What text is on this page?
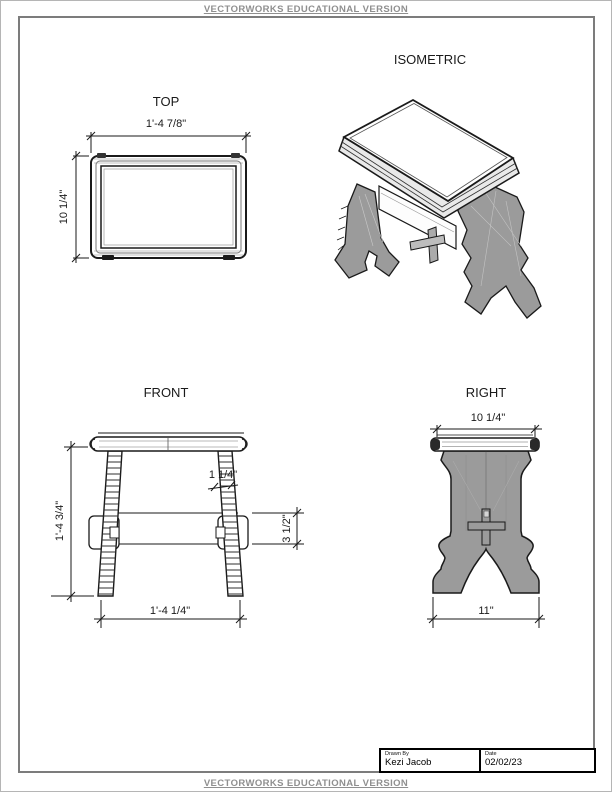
VECTORWORKS EDUCATIONAL VERSION
TOP
1'-4 7/8"
10 1/4"
ISOMETRIC
FRONT
1 1/4"
3 1/2"
1'-4 3/4"
1'-4 1/4"
RIGHT
10 1/4"
11"
Drawn By
Kezi Jacob
Date
02/02/23
VECTORWORKS EDUCATIONAL VERSION
